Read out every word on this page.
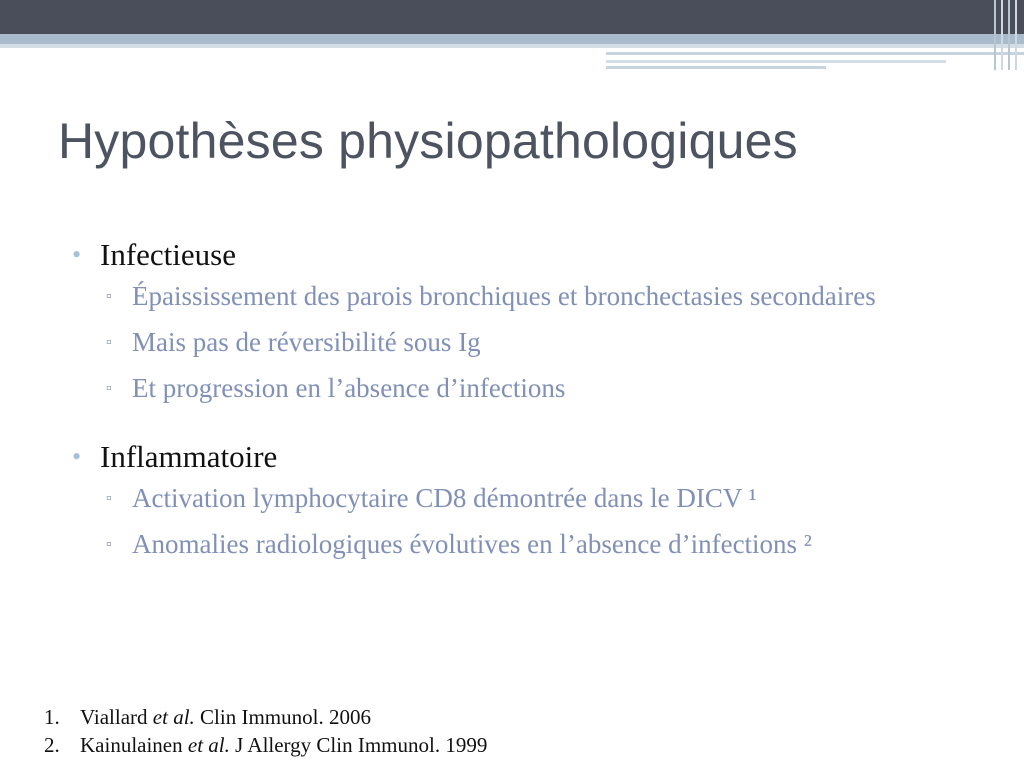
Hypothèses physiopathologiques
• Infectieuse
▫ Épaississement des parois bronchiques et bronchectasies secondaires
▫ Mais pas de réversibilité sous Ig
▫ Et progression en l’absence d’infections
• Inflammatoire
▫ Activation lymphocytaire CD8 démontrée dans le DICV ¹
▫ Anomalies radiologiques évolutives en l’absence d’infections ²
1. Viallard et al. Clin Immunol. 2006
2. Kainulainen et al. J Allergy Clin Immunol. 1999
